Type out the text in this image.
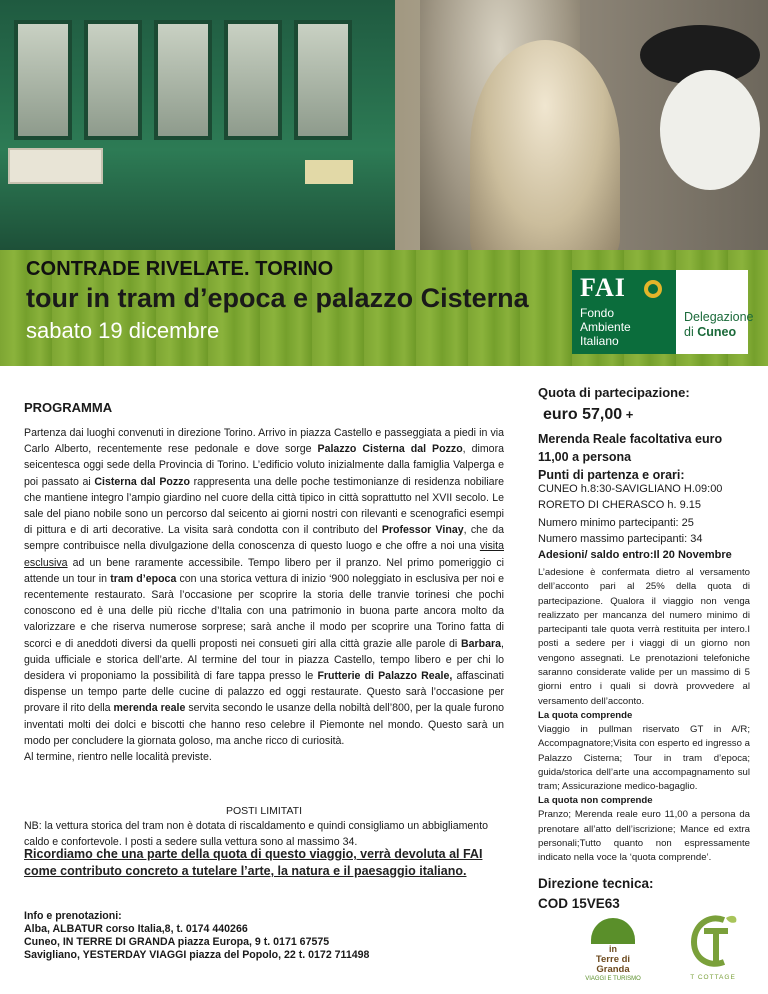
CONTRADE RIVELATE. TORINO
tour in tram d’epoca e palazzo Cisterna
sabato 19 dicembre
FAI
Fondo
Ambiente
Italiano
Delegazione
di Cuneo
PROGRAMMA
Partenza dai luoghi convenuti in direzione Torino. Arrivo in piazza Castello e passeggiata a piedi in via Carlo Alberto, recentemente rese pedonale e dove sorge Palazzo Cisterna dal Pozzo, dimora seicentesca oggi sede della Provincia di Torino. L’edificio voluto inizialmente dalla famiglia Valperga e poi passato ai Cisterna dal Pozzo rappresenta una delle poche testimonianze di residenza nobiliare che mantiene integro l’ampio giardino nel cuore della città tipico in città soprattutto nel XVII secolo. Le sale del piano nobile sono un percorso dal seicento ai giorni nostri con rilevanti e scenografici esempi di pittura e di arti decorative. La visita sarà condotta con il contributo del Professor Vinay, che da sempre contribuisce nella divulgazione della conoscenza di questo luogo e che offre a noi una visita esclusiva ad un bene raramente accessibile. Tempo libero per il pranzo. Nel primo pomeriggio ci attende un tour in tram d’epoca con una storica vettura di inizio ‘900 noleggiato in esclusiva per noi e recentemente restaurato. Sarà l’occasione per scoprire la storia delle tranvie torinesi che pochi conoscono ed è una delle più ricche d’Italia con una patrimonio in buona parte ancora molto da valorizzare e che riserva numerose sorprese; sarà anche il modo per scoprire una Torino fatta di scorci e di aneddoti diversi da quelli proposti nei consueti giri alla città grazie alle parole di Barbara, guida ufficiale e storica dell’arte. Al termine del tour in piazza Castello, tempo libero e per chi lo desidera vi proponiamo la possibilità di fare tappa presso le Frutterie di Palazzo Reale, affascinati dispense un tempo parte delle cucine di palazzo ed oggi restaurate. Questo sarà l’occasione per provare il rito della merenda reale servita secondo le usanze della nobiltà dell’800, per la quale furono inventati molti dei dolci e biscotti che hanno reso celebre il Piemonte nel mondo. Questo sarà un modo per concludere la giornata goloso, ma anche ricco di curiosità.
Al termine, rientro nelle località previste.
POSTI LIMITATI
NB: la vettura storica del tram non è dotata di riscaldamento e quindi consigliamo un abbigliamento caldo e confortevole. I posti a sedere sulla vettura sono al massimo 34.
Ricordiamo che una parte della quota di questo viaggio, verrà devoluta al FAI come contributo concreto a tutelare l’arte, la natura e il paesaggio italiano.
Info e prenotazioni:
Alba, ALBATUR corso Italia,8, t. 0174 440266
Cuneo, IN TERRE DI GRANDA piazza Europa, 9 t. 0171 67575
Savigliano, YESTERDAY VIAGGI piazza del Popolo, 22 t. 0172 711498
Quota di partecipazione:
euro 57,00 +
Merenda Reale facoltativa euro 11,00 a persona
Punti di partenza e orari:
CUNEO h.8:30-SAVIGLIANO H.09:00
RORETO DI CHERASCO h. 9.15
Numero minimo partecipanti: 25
Numero massimo partecipanti: 34
Adesioni/ saldo entro:Il 20 Novembre
L’adesione è confermata dietro al versamento dell’acconto pari al 25% della quota di partecipazione. Qualora il viaggio non venga realizzato per mancanza del numero minimo di partecipanti tale quota verrà restituita per intero.I posti a sedere per i viaggi di un giorno non vengono assegnati. Le prenotazioni telefoniche saranno considerate valide per un massimo di 5 giorni entro i quali si dovrà provvedere al versamento dell’acconto.
La quota comprende
Viaggio in pullman riservato GT in A/R; Accompagnatore;Visita con esperto ed ingresso a Palazzo Cisterna; Tour in tram d’epoca; guida/storica dell’arte una accompagnamento sul tram; Assicurazione medico-bagaglio.
La quota non comprende
Pranzo; Merenda reale euro 11,00 a persona da prenotare all’atto dell’iscrizione; Mance ed extra personali;Tutto quanto non espressamente indicato nella voce la ‘quota comprende’.
Direzione tecnica:
COD 15VE63
in
Terre di Granda
VIAGGI E TURISMO	T COTTAGE
